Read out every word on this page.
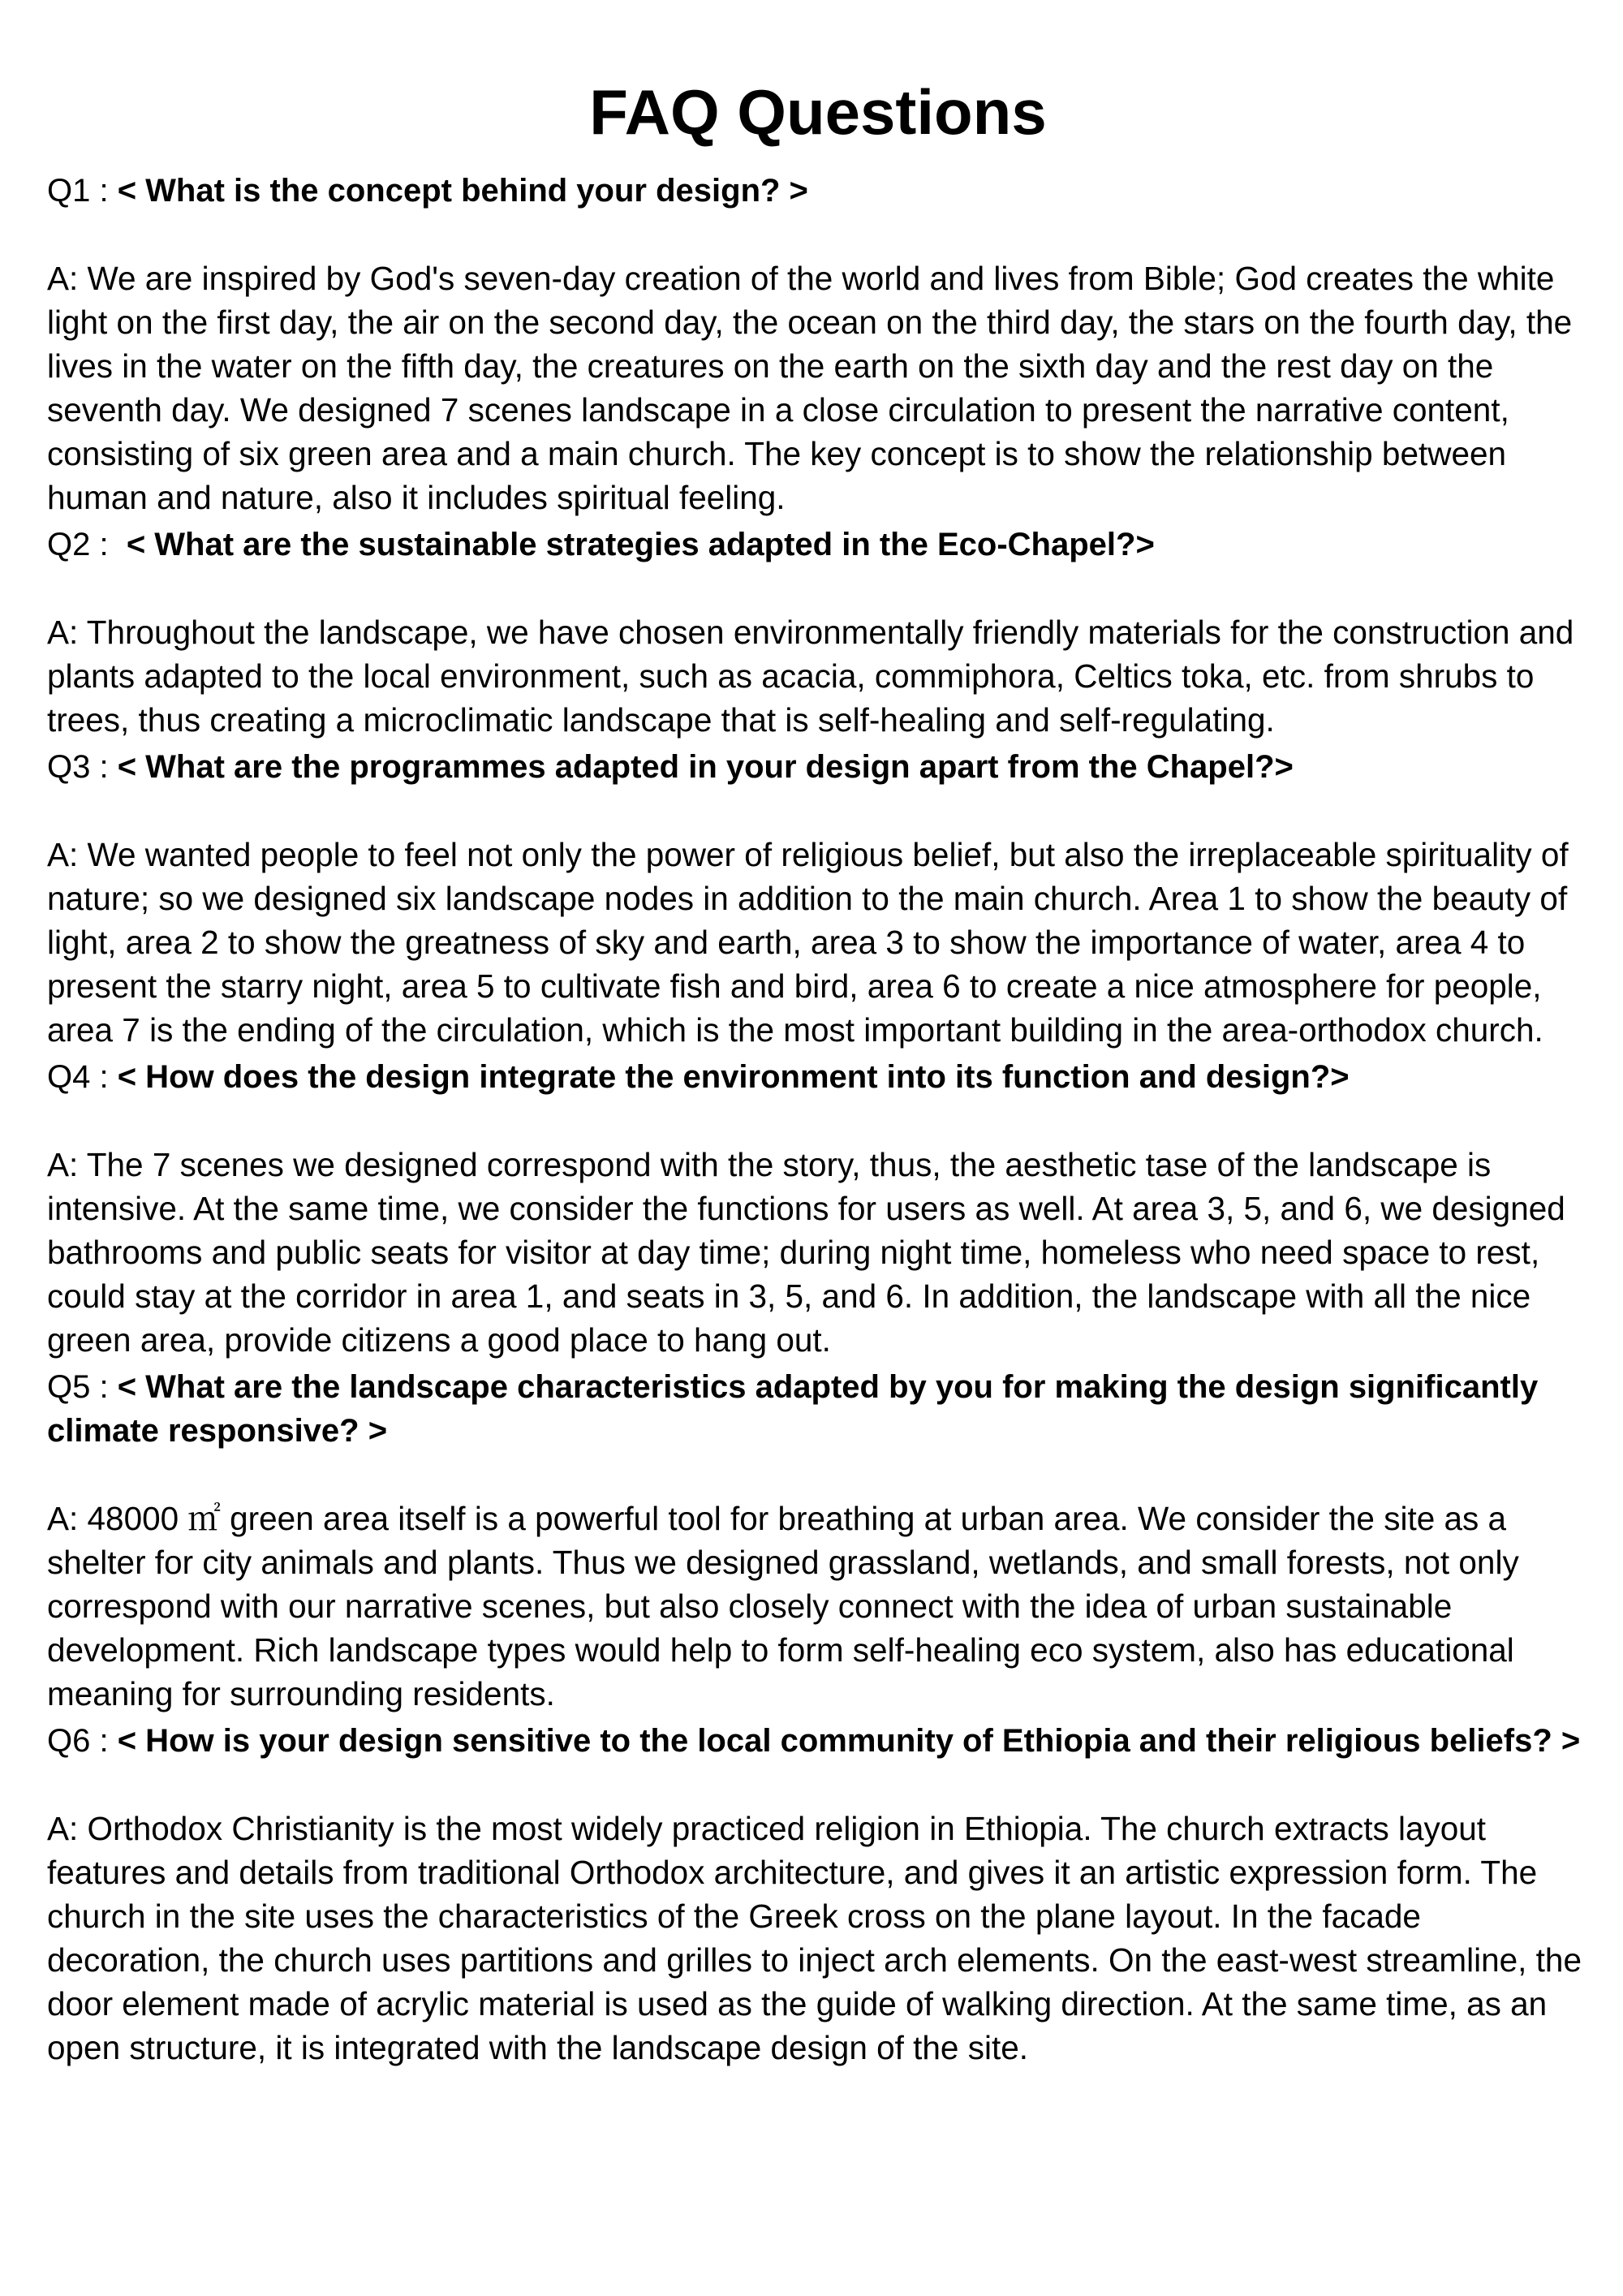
FAQ Questions

Q1 : < What is the concept behind your design? >

A: We are inspired by God's seven-day creation of the world and lives from Bible; God creates the white light on the first day, the air on the second day, the ocean on the third day, the stars on the fourth day, the lives in the water on the fifth day, the creatures on the earth on the sixth day and the rest day on the seventh day. We designed 7 scenes landscape in a close circulation to present the narrative content, consisting of six green area and a main church. The key concept is to show the relationship between human and nature, also it includes spiritual feeling.

Q2 :  < What are the sustainable strategies adapted in the Eco-Chapel?>

A: Throughout the landscape, we have chosen environmentally friendly materials for the construction and plants adapted to the local environment, such as acacia, commiphora, Celtics toka, etc. from shrubs to trees, thus creating a microclimatic landscape that is self-healing and self-regulating.

Q3 : < What are the programmes adapted in your design apart from the Chapel?>

A: We wanted people to feel not only the power of religious belief, but also the irreplaceable spirituality of nature; so we designed six landscape nodes in addition to the main church. Area 1 to show the beauty of light, area 2 to show the greatness of sky and earth, area 3 to show the importance of water, area 4 to present the starry night, area 5 to cultivate fish and bird, area 6 to create a nice atmosphere for people, area 7 is the ending of the circulation, which is the most important building in the area-orthodox church.

Q4 : < How does the design integrate the environment into its function and design?>

A: The 7 scenes we designed correspond with the story, thus, the aesthetic tase of the landscape is intensive. At the same time, we consider the functions for users as well. At area 3, 5, and 6, we designed bathrooms and public seats for visitor at day time; during night time, homeless who need space to rest, could stay at the corridor in area 1, and seats in 3, 5, and 6. In addition, the landscape with all the nice green area, provide citizens a good place to hang out.

Q5 : < What are the landscape characteristics adapted by you for making the design significantly climate responsive? >

A: 48000 ㎡ green area itself is a powerful tool for breathing at urban area. We consider the site as a shelter for city animals and plants. Thus we designed grassland, wetlands, and small forests, not only correspond with our narrative scenes, but also closely connect with the idea of urban sustainable development. Rich landscape types would help to form self-healing eco system, also has educational meaning for surrounding residents.

Q6 : < How is your design sensitive to the local community of Ethiopia and their religious beliefs? >

A: Orthodox Christianity is the most widely practiced religion in Ethiopia. The church extracts layout features and details from traditional Orthodox architecture, and gives it an artistic expression form. The church in the site uses the characteristics of the Greek cross on the plane layout. In the facade decoration, the church uses partitions and grilles to inject arch elements. On the east-west streamline, the door element made of acrylic material is used as the guide of walking direction. At the same time, as an open structure, it is integrated with the landscape design of the site.
